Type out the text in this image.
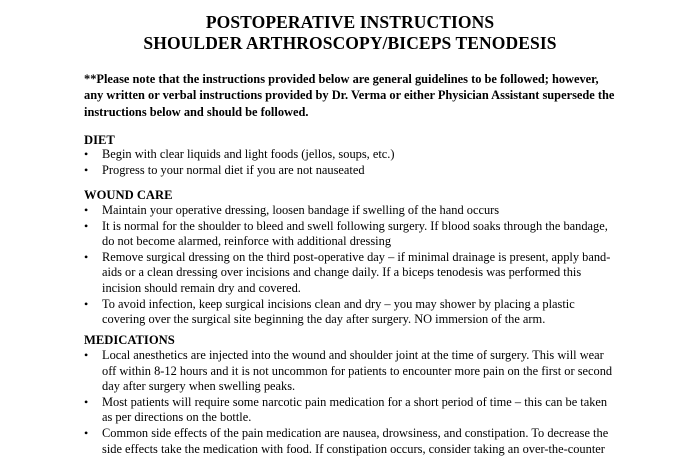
POSTOPERATIVE INSTRUCTIONS
SHOULDER ARTHROSCOPY/BICEPS TENODESIS
**Please note that the instructions provided below are general guidelines to be followed; however,
any written or verbal instructions provided by Dr. Verma or either Physician Assistant supersede the
instructions below and should be followed.
DIET
• Begin with clear liquids and light foods (jellos, soups, etc.)
• Progress to your normal diet if you are not nauseated
WOUND CARE
• Maintain your operative dressing, loosen bandage if swelling of the hand occurs
• It is normal for the shoulder to bleed and swell following surgery. If blood soaks through the bandage,
do not become alarmed, reinforce with additional dressing
• Remove surgical dressing on the third post-operative day – if minimal drainage is present, apply band-
aids or a clean dressing over incisions and change daily. If a biceps tenodesis was performed this
incision should remain dry and covered.
• To avoid infection, keep surgical incisions clean and dry – you may shower by placing a plastic
covering over the surgical site beginning the day after surgery. NO immersion of the arm.
MEDICATIONS
• Local anesthetics are injected into the wound and shoulder joint at the time of surgery. This will wear
off within 8-12 hours and it is not uncommon for patients to encounter more pain on the first or second
day after surgery when swelling peaks.
• Most patients will require some narcotic pain medication for a short period of time – this can be taken
as per directions on the bottle.
• Common side effects of the pain medication are nausea, drowsiness, and constipation. To decrease the
side effects take the medication with food. If constipation occurs, consider taking an over-the-counter
